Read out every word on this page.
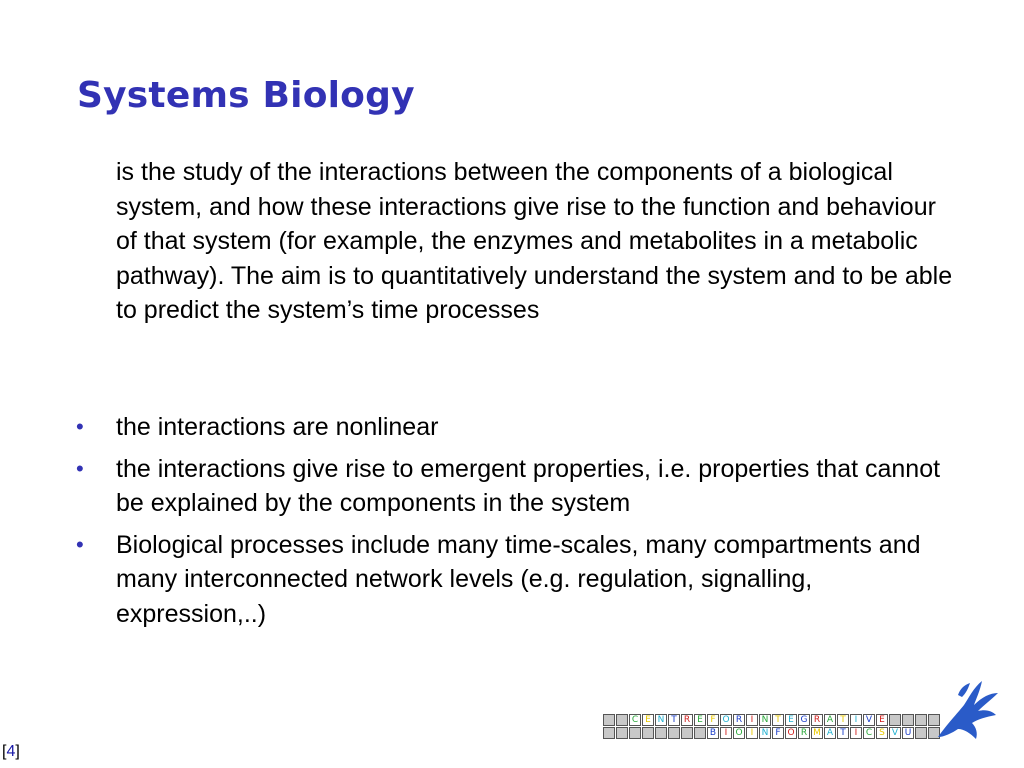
Systems Biology

is the study of the interactions between the components of a biological system, and how these interactions give rise to the function and behaviour of that system (for example, the enzymes and metabolites in a metabolic pathway). The aim is to quantitatively understand the system and to be able to predict the system’s time processes

• the interactions are nonlinear
• the interactions give rise to emergent properties, i.e. properties that cannot be explained by the components in the system
• Biological processes include many time-scales, many compartments and many interconnected network levels (e.g. regulation, signalling, expression,..)
[4]
C E N T R E F O R I N T E G R A T I V E
B I O I N F O R M A T I C S V U
